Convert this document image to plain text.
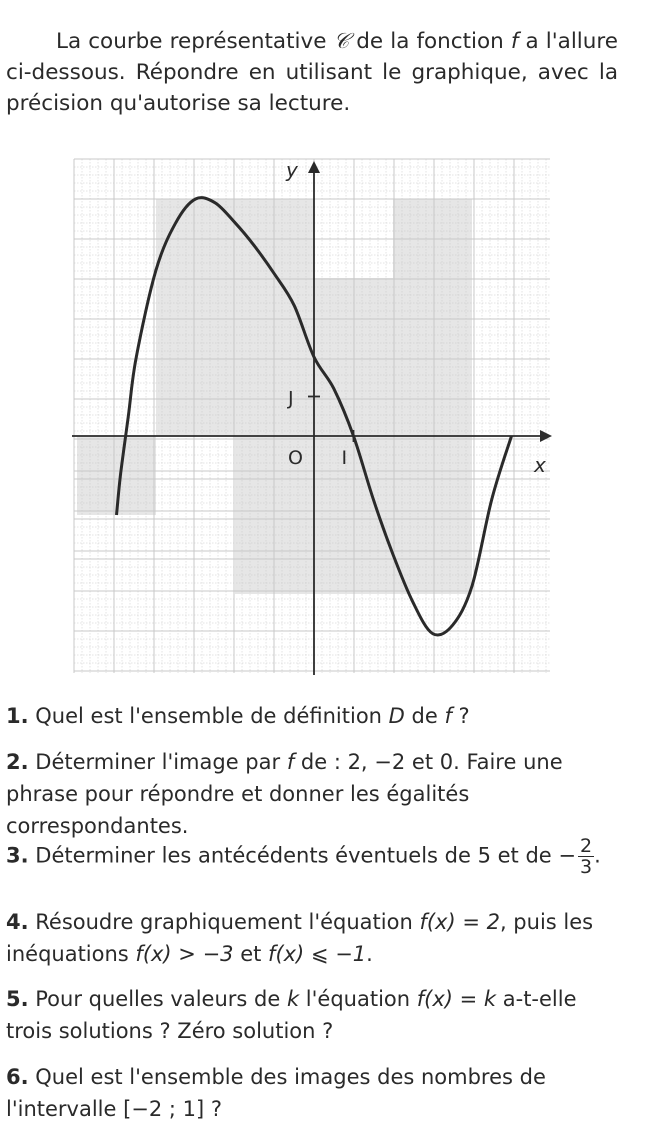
La courbe représentative 𝒞 de la fonction f a l'allure ci-dessous. Répondre en utilisant le graphique, avec la précision qu'autorise sa lecture.

y
x
O I
J
1. Quel est l'ensemble de définition D de f ?
2. Déterminer l'image par f de : 2, −2 et 0. Faire une phrase pour répondre et donner les égalités correspondantes.
3. Déterminer les antécédents éventuels de 5 et de − $\frac{2}{3}$ .
4. Résoudre graphiquement l'équation f(x) = 2, puis les inéquations f(x) > −3 et f(x) ⩽ −1.
5. Pour quelles valeurs de k l'équation f(x) = k a-t-elle trois solutions ? Zéro solution ?
6. Quel est l'ensemble des images des nombres de l'intervalle [−2 ; 1] ?
